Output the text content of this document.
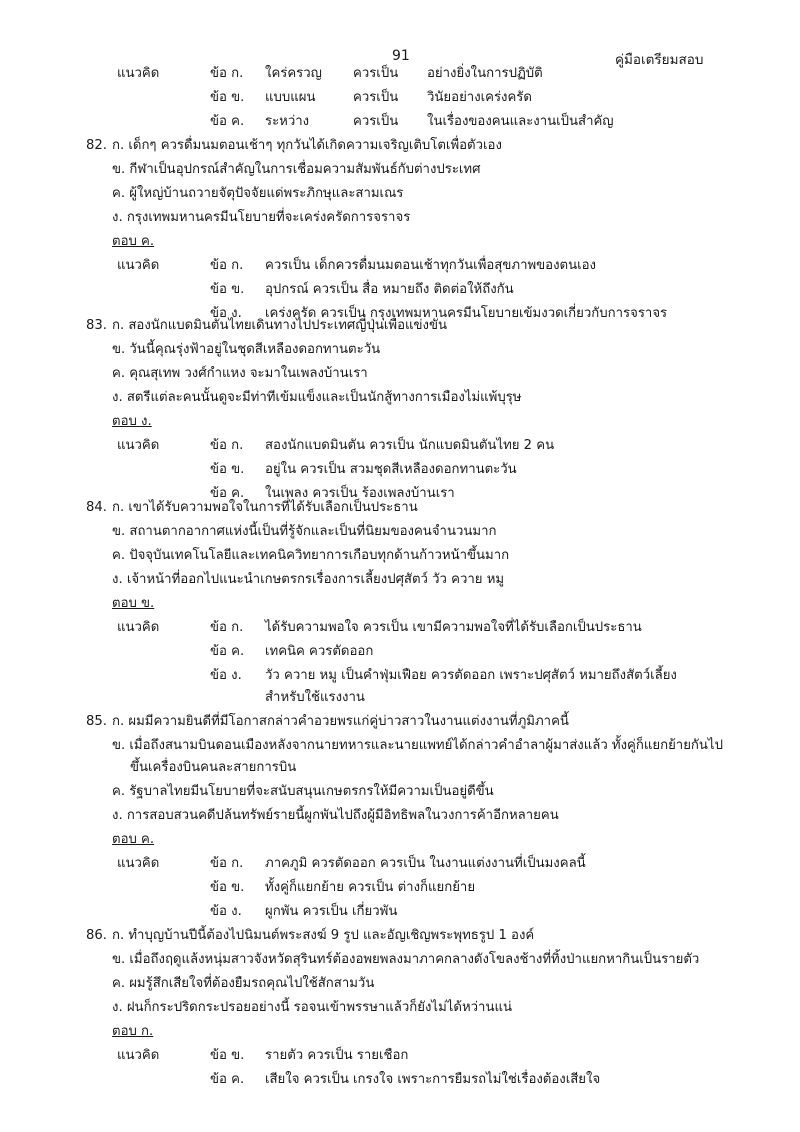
91	คู่มือเตรียมสอบ
แนวคิด	ข้อ ก. ใคร่ครวญ ควรเป็น อย่างยิ่งในการปฏิบัติ
ข้อ ข. แบบแผน	ควรเป็น วินัยอย่างเคร่งครัด
ข้อ ค. ระหว่าง	ควรเป็น ในเรื่องของคนและงานเป็นสำคัญ
82. ก. เด็กๆ ควรดื่มนมตอนเช้าๆ ทุกวันได้เกิดความเจริญเติบโตเพื่อตัวเอง
ข. กีฬาเป็นอุปกรณ์สำคัญในการเชื่อมความสัมพันธ์กับต่างประเทศ
ค. ผู้ใหญ่บ้านถวายจัตุปัจจัยแด่พระภิกษุและสามเณร
ง. กรุงเทพมหานครมีนโยบายที่จะเคร่งครัดการจราจร
ตอบ ค.
แนวคิด	ข้อ ก. ควรเป็น เด็กควรดื่มนมตอนเช้าทุกวันเพื่อสุขภาพของตนเอง
ข้อ ข. อุปกรณ์ ควรเป็น สื่อ หมายถึง ติดต่อให้ถึงกัน
ข้อ ง. เคร่งครัด ควรเป็น กรุงเทพมหานครมีนโยบายเข้มงวดเกี่ยวกับการจราจร
83. ก. สองนักแบดมินตันไทยเดินทางไปประเทศญี่ปุ่นเพื่อแข่งขัน
ข. วันนี้คุณรุ่งฟ้าอยู่ในชุดสีเหลืองดอกทานตะวัน
ค. คุณสุเทพ วงศ์กำแหง จะมาในเพลงบ้านเรา
ง. สตรีแต่ละคนนั้นดูจะมีท่าทีเข้มแข็งและเป็นนักสู้ทางการเมืองไม่แพ้บุรุษ
ตอบ ง.
แนวคิด	ข้อ ก. สองนักแบดมินตัน ควรเป็น นักแบดมินตันไทย 2 คน
ข้อ ข. อยู่ใน ควรเป็น สวมชุดสีเหลืองดอกทานตะวัน
ข้อ ค. ในเพลง ควรเป็น ร้องเพลงบ้านเรา
84. ก. เขาได้รับความพอใจในการที่ได้รับเลือกเป็นประธาน
ข. สถานตากอากาศแห่งนี้เป็นที่รู้จักและเป็นที่นิยมของคนจำนวนมาก
ค. ปัจจุบันเทคโนโลยีและเทคนิควิทยาการเกือบทุกด้านก้าวหน้าขึ้นมาก
ง. เจ้าหน้าที่ออกไปแนะนำเกษตรกรเรื่องการเลี้ยงปศุสัตว์ วัว ควาย หมู
ตอบ ข.
แนวคิด	ข้อ ก. ได้รับความพอใจ ควรเป็น เขามีความพอใจที่ได้รับเลือกเป็นประธาน
ข้อ ค. เทคนิค ควรตัดออก
ข้อ ง. วัว ควาย หมู เป็นคำฟุ่มเฟือย ควรตัดออก เพราะปศุสัตว์ หมายถึงสัตว์เลี้ยง
สำหรับใช้แรงงาน
85. ก. ผมมีความยินดีที่มีโอกาสกล่าวคำอวยพรแก่คู่บ่าวสาวในงานแต่งงานที่ภูมิภาคนี้
ข. เมื่อถึงสนามบินดอนเมืองหลังจากนายทหารและนายแพทย์ได้กล่าวคำอำลาผู้มาส่งแล้ว ทั้งคู่ก็แยกย้ายกันไป
ขึ้นเครื่องบินคนละสายการบิน
ค. รัฐบาลไทยมีนโยบายที่จะสนับสนุนเกษตรกรให้มีความเป็นอยู่ดีขึ้น
ง. การสอบสวนคดีปล้นทรัพย์รายนี้ผูกพันไปถึงผู้มีอิทธิพลในวงการค้าอีกหลายคน
ตอบ ค.
แนวคิด	ข้อ ก. ภาคภูมิ ควรตัดออก ควรเป็น ในงานแต่งงานที่เป็นมงคลนี้
ข้อ ข. ทั้งคู่ก็แยกย้าย ควรเป็น ต่างก็แยกย้าย
ข้อ ง. ผูกพัน ควรเป็น เกี่ยวพัน
86. ก. ทำบุญบ้านปีนี้ต้องไปนิมนต์พระสงฆ์ 9 รูป และอัญเชิญพระพุทธรูป 1 องค์
ข. เมื่อถึงฤดูแล้งหนุ่มสาวจังหวัดสุรินทร์ต้องอพยพลงมาภาคกลางดังโขลงช้างที่ทิ้งป่าแยกหากินเป็นรายตัว
ค. ผมรู้สึกเสียใจที่ต้องยืมรถคุณไปใช้สักสามวัน
ง. ฝนก็กระปริดกระปรอยอย่างนี้ รอจนเข้าพรรษาแล้วก็ยังไม่ได้หว่านแน่
ตอบ ก.
แนวคิด	ข้อ ข. รายตัว ควรเป็น รายเชือก
ข้อ ค. เสียใจ ควรเป็น เกรงใจ เพราะการยืมรถไม่ใช่เรื่องต้องเสียใจ
